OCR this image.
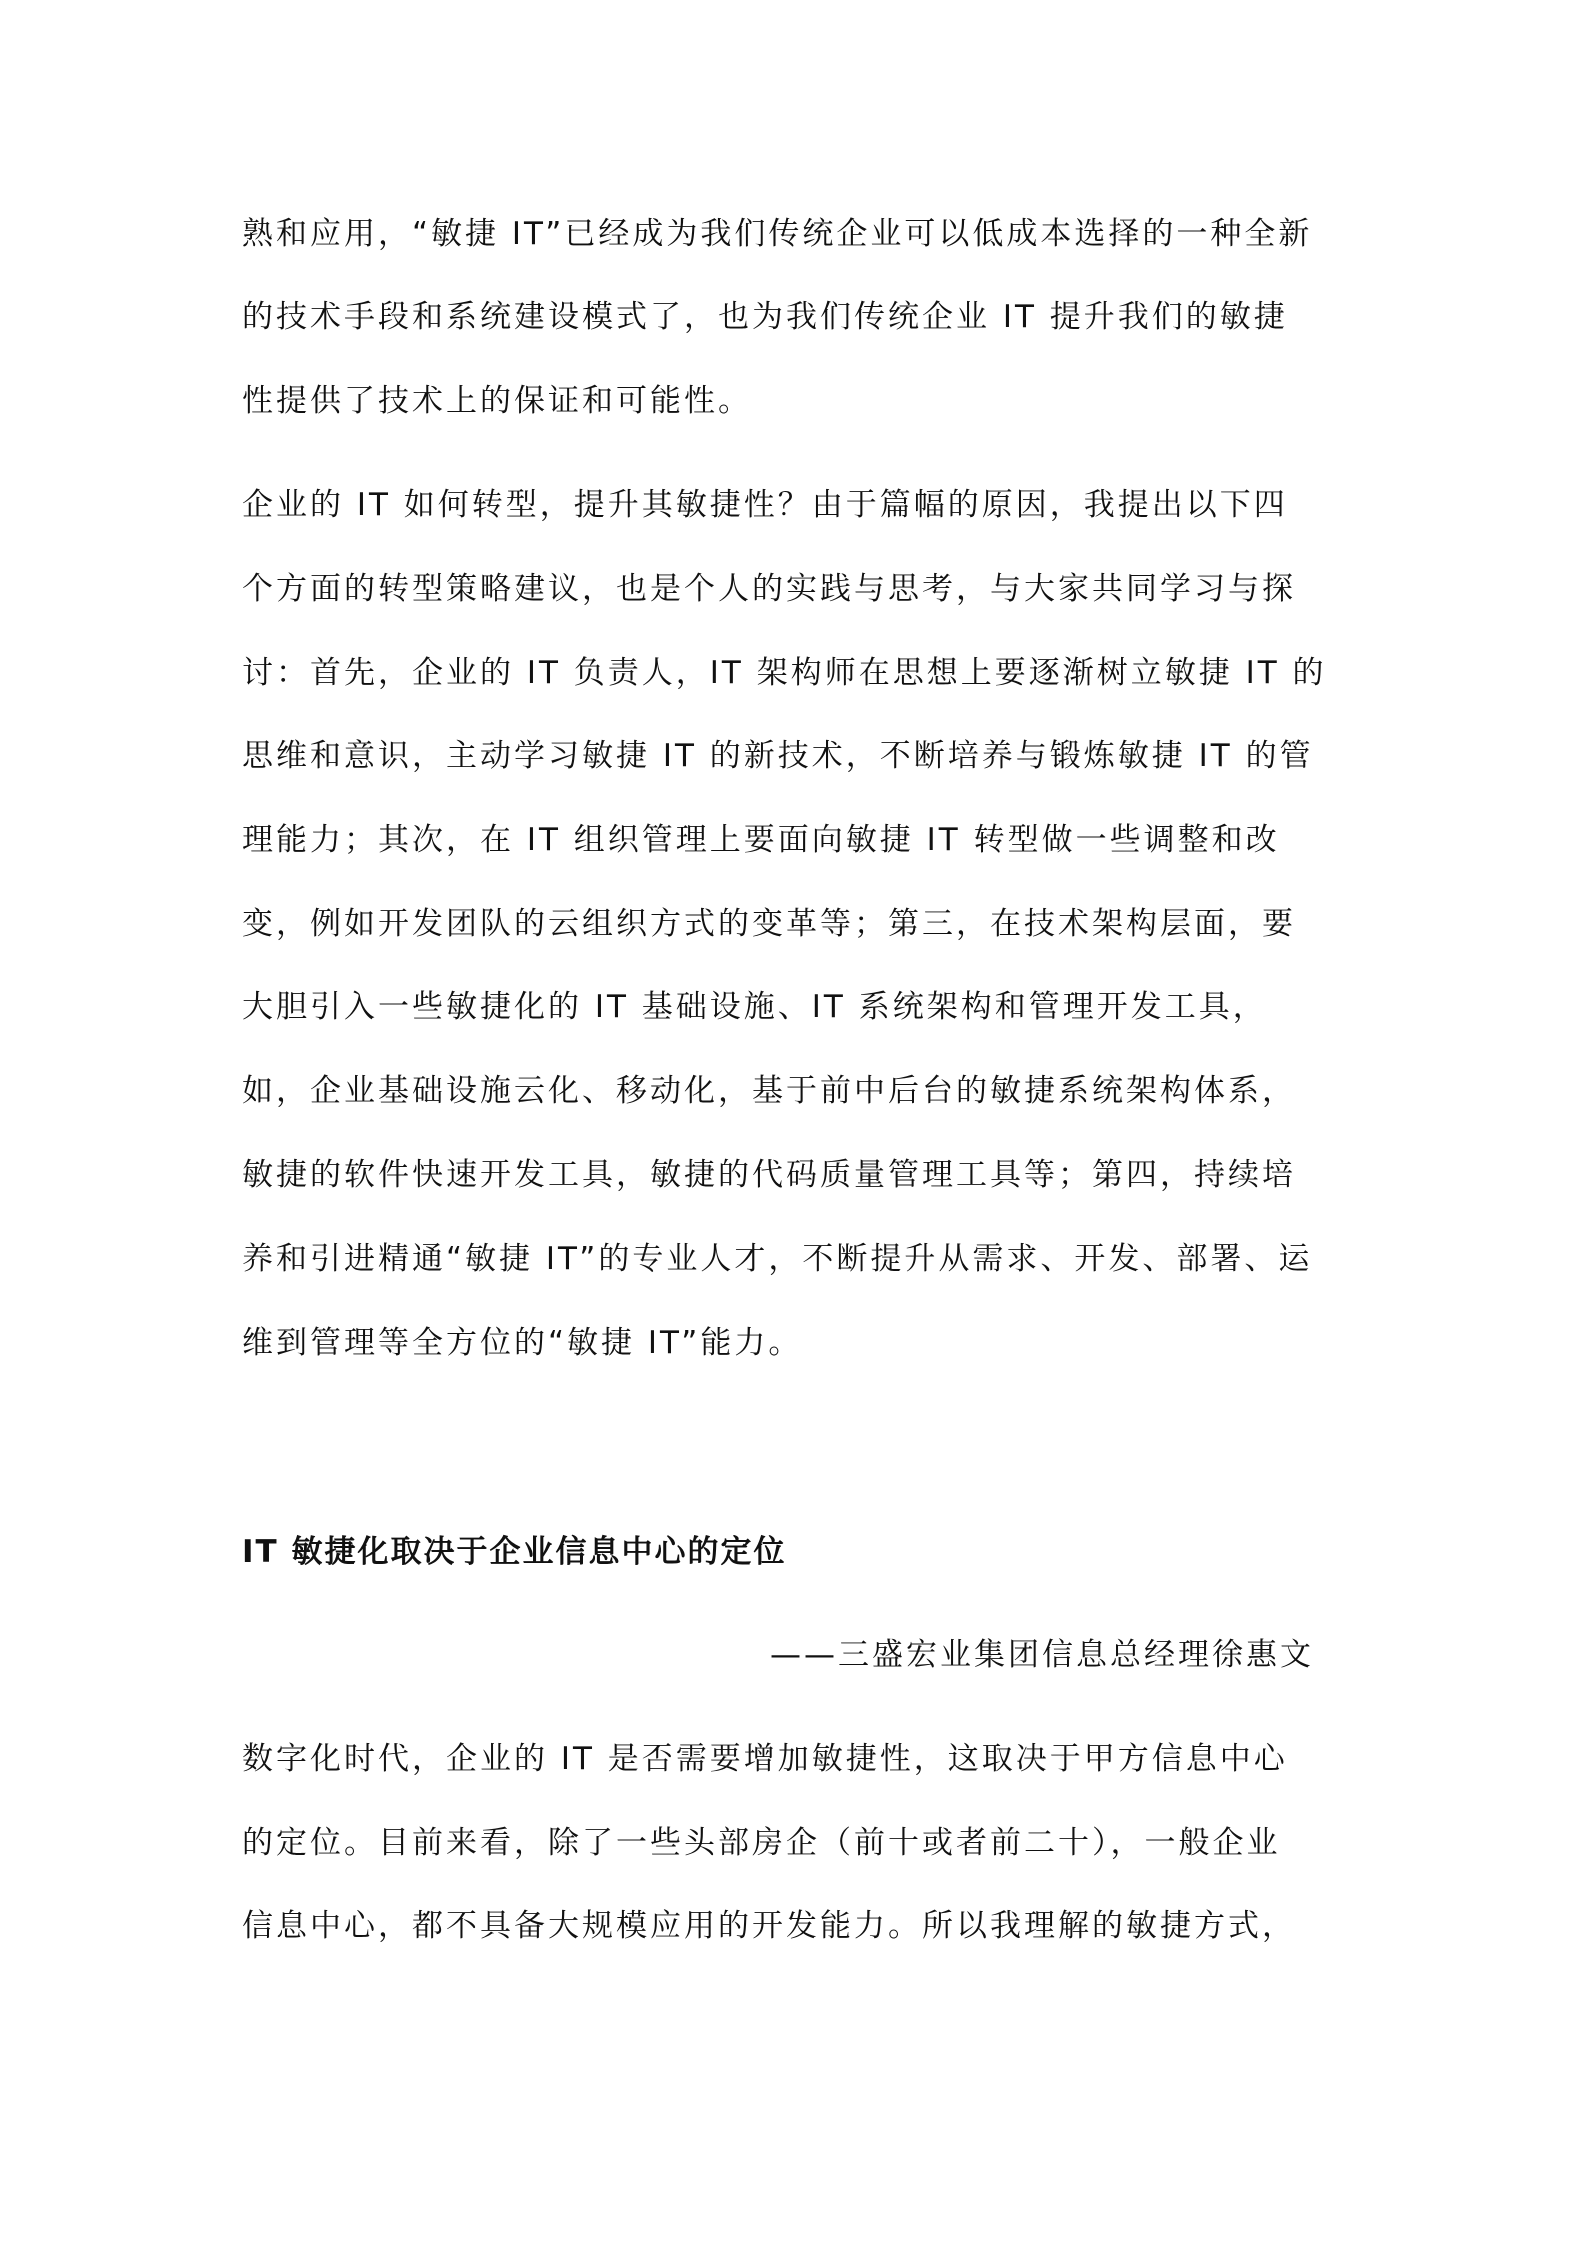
熟和应用，“敏捷 IT”已经成为我们传统企业可以低成本选择的一种全新
的技术手段和系统建设模式了，也为我们传统企业 IT 提升我们的敏捷
性提供了技术上的保证和可能性。
企业的 IT 如何转型，提升其敏捷性？由于篇幅的原因，我提出以下四
个方面的转型策略建议，也是个人的实践与思考，与大家共同学习与探
讨：首先，企业的 IT 负责人，IT 架构师在思想上要逐渐树立敏捷 IT 的
思维和意识，主动学习敏捷 IT 的新技术，不断培养与锻炼敏捷 IT 的管
理能力；其次，在 IT 组织管理上要面向敏捷 IT 转型做一些调整和改
变，例如开发团队的云组织方式的变革等；第三，在技术架构层面，要
大胆引入一些敏捷化的 IT 基础设施、IT 系统架构和管理开发工具，
如，企业基础设施云化、移动化，基于前中后台的敏捷系统架构体系，
敏捷的软件快速开发工具，敏捷的代码质量管理工具等；第四，持续培
养和引进精通“敏捷 IT”的专业人才，不断提升从需求、开发、部署、运
维到管理等全方位的“敏捷 IT”能力。
IT 敏捷化取决于企业信息中心的定位
——三盛宏业集团信息总经理徐惠文
数字化时代，企业的 IT 是否需要增加敏捷性，这取决于甲方信息中心
的定位。目前来看，除了一些头部房企（前十或者前二十），一般企业
信息中心，都不具备大规模应用的开发能力。所以我理解的敏捷方式，
